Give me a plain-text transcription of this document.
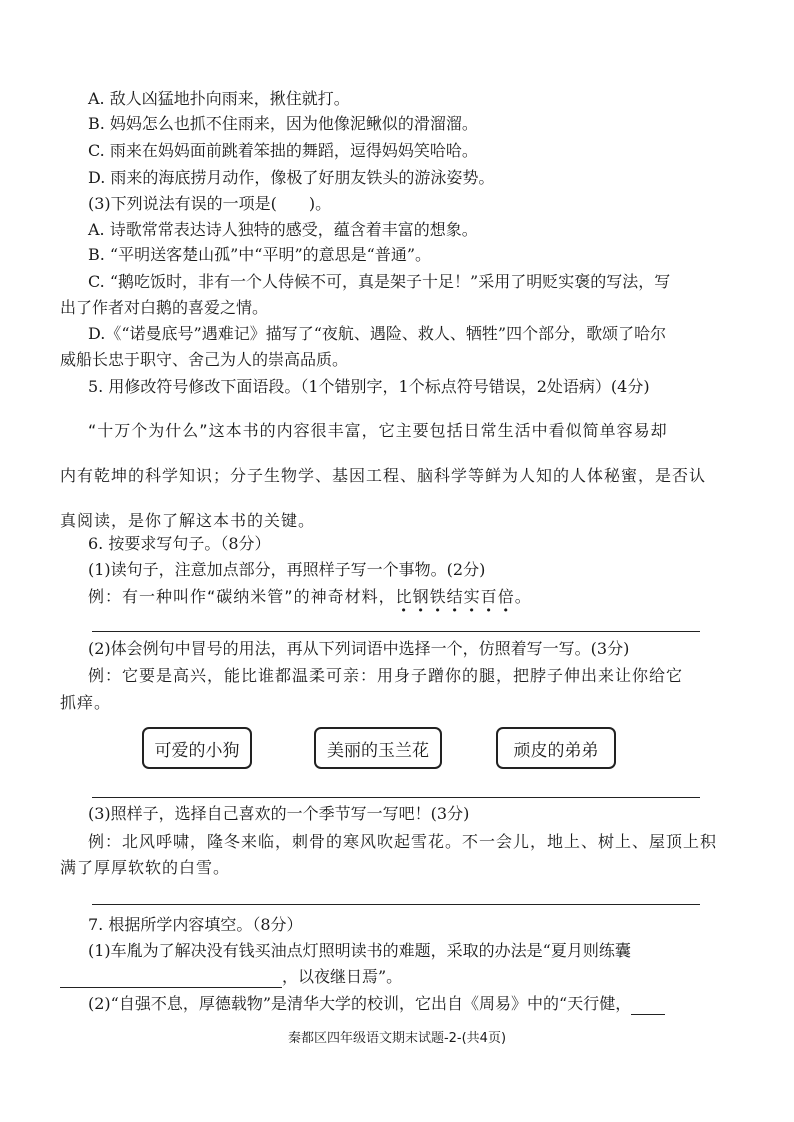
A. 敌人凶猛地扑向雨来，揪住就打。
B. 妈妈怎么也抓不住雨来，因为他像泥鳅似的滑溜溜。
C. 雨来在妈妈面前跳着笨拙的舞蹈，逗得妈妈笑哈哈。
D. 雨来的海底捞月动作，像极了好朋友铁头的游泳姿势。
(3)下列说法有误的一项是(　　)。
A. 诗歌常常表达诗人独特的感受，蕴含着丰富的想象。
B. “平明送客楚山孤”中“平明”的意思是“普通”。
C. “鹅吃饭时，非有一个人侍候不可，真是架子十足！”采用了明贬实褒的写法，写
出了作者对白鹅的喜爱之情。
D.《“诺曼底号”遇难记》描写了“夜航、遇险、救人、牺牲”四个部分，歌颂了哈尔
威船长忠于职守、舍己为人的崇高品质。
5. 用修改符号修改下面语段。（1个错别字，1个标点符号错误，2处语病）(4分)
“十万个为什么”这本书的内容很丰富，它主要包括日常生活中看似简单容易却
内有乾坤的科学知识；分子生物学、基因工程、脑科学等鲜为人知的人体秘蜜，是否认
真阅读，是你了解这本书的关键。
6. 按要求写句子。（8分）
(1)读句子，注意加点部分，再照样子写一个事物。(2分)
例：有一种叫作“碳纳米管”的神奇材料，比钢铁结实百倍。
(2)体会例句中冒号的用法，再从下列词语中选择一个，仿照着写一写。(3分)
例：它要是高兴，能比谁都温柔可亲：用身子蹭你的腿，把脖子伸出来让你给它
抓痒。
可爱的小狗	美丽的玉兰花	顽皮的弟弟
(3)照样子，选择自己喜欢的一个季节写一写吧！(3分)
例：北风呼啸，隆冬来临，刺骨的寒风吹起雪花。不一会儿，地上、树上、屋顶上积
满了厚厚软软的白雪。
7. 根据所学内容填空。（8分）
(1)车胤为了解决没有钱买油点灯照明读书的难题，采取的办法是“夏月则练囊
，以夜继日焉”。
(2)“自强不息，厚德载物”是清华大学的校训，它出自《周易》中的“天行健，
秦都区四年级语文期末试题-2-(共4页)
